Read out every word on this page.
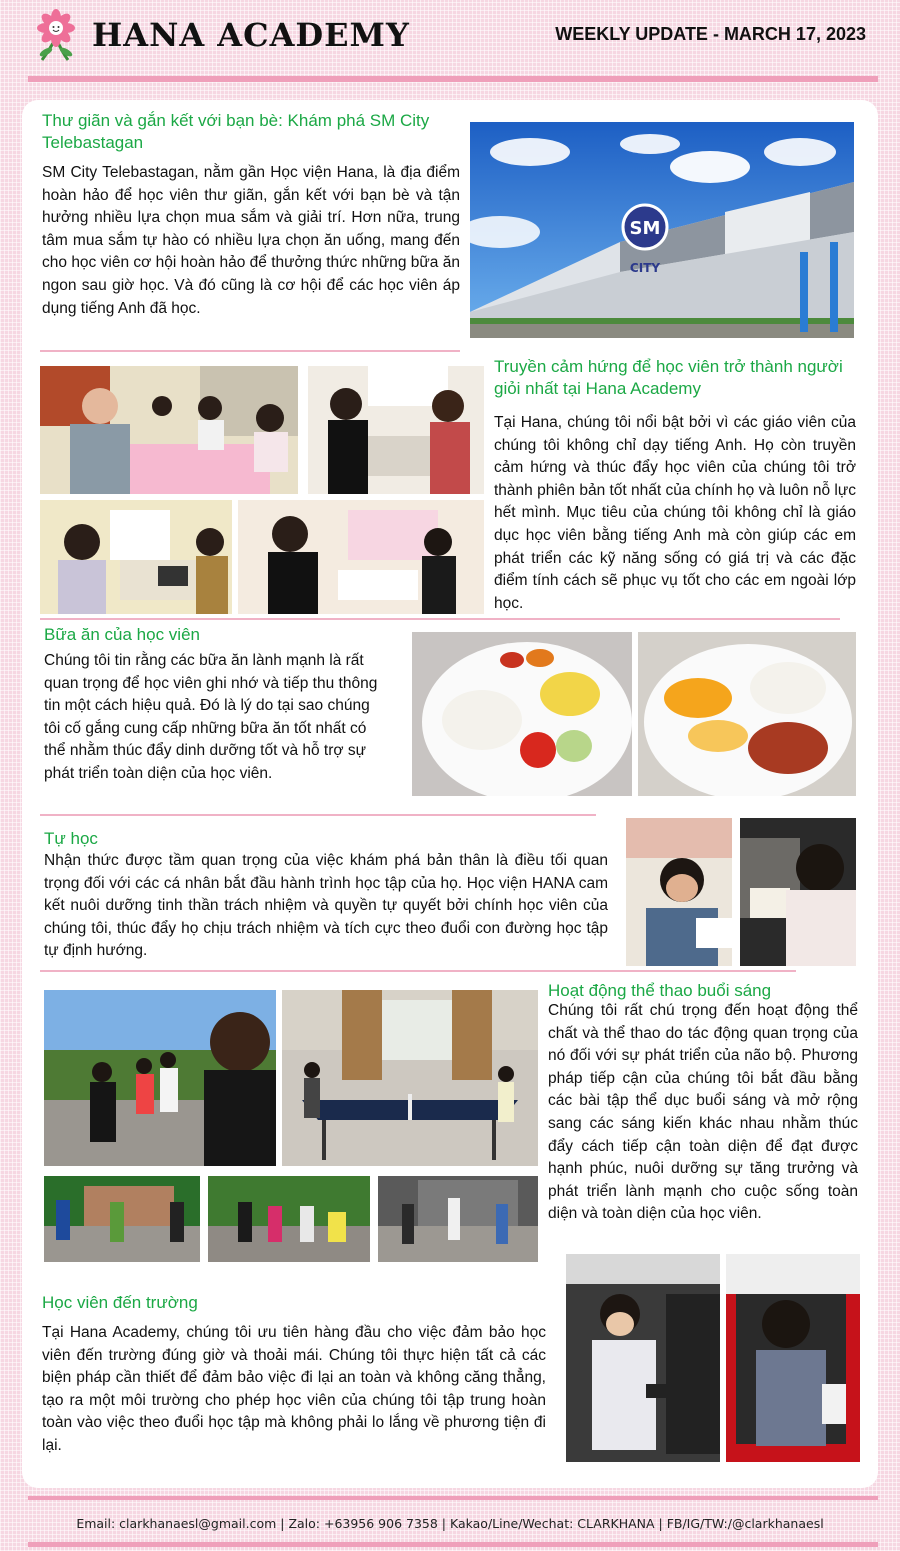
HANA ACADEMY	WEEKLY UPDATE - MARCH 17, 2023
Thư giãn và gắn kết với bạn bè: Khám phá SM City Telebastagan
SM City Telebastagan, nằm gần Học viện Hana, là địa điểm hoàn hảo để học viên thư giãn, gắn kết với bạn bè và tận hưởng nhiều lựa chọn mua sắm và giải trí. Hơn nữa, trung tâm mua sắm tự hào có nhiều lựa chọn ăn uống, mang đến cho học viên cơ hội hoàn hảo để thưởng thức những bữa ăn ngon sau giờ học. Và đó cũng là cơ hội để các học viên áp dụng tiếng Anh đã học.
SM
CITY
Truyền cảm hứng để học viên trở thành người giỏi nhất tại Hana Academy
Tại Hana, chúng tôi nổi bật bởi vì các giáo viên của chúng tôi không chỉ dạy tiếng Anh. Họ còn truyền cảm hứng và thúc đẩy học viên của chúng tôi trở thành phiên bản tốt nhất của chính họ và luôn nỗ lực hết mình. Mục tiêu của chúng tôi không chỉ là giáo dục học viên bằng tiếng Anh mà còn giúp các em phát triển các kỹ năng sống có giá trị và các đặc điểm tính cách sẽ phục vụ tốt cho các em ngoài lớp học.
Bữa ăn của học viên
Chúng tôi tin rằng các bữa ăn lành mạnh là rất quan trọng để học viên ghi nhớ và tiếp thu thông tin một cách hiệu quả. Đó là lý do tại sao chúng tôi cố gắng cung cấp những bữa ăn tốt nhất có thể nhằm thúc đẩy dinh dưỡng tốt và hỗ trợ sự phát triển toàn diện của học viên.
Tự học
Nhận thức được tầm quan trọng của việc khám phá bản thân là điều tối quan trọng đối với các cá nhân bắt đầu hành trình học tập của họ. Học viện HANA cam kết nuôi dưỡng tinh thần trách nhiệm và quyền tự quyết bởi chính học viên của chúng tôi, thúc đẩy họ chịu trách nhiệm và tích cực theo đuổi con đường học tập tự định hướng.
Hoạt động thể thao buổi sáng
Chúng tôi rất chú trọng đến hoạt động thể chất và thể thao do tác động quan trọng của nó đối với sự phát triển của não bộ. Phương pháp tiếp cận của chúng tôi bắt đầu bằng các bài tập thể dục buổi sáng và mở rộng sang các sáng kiến khác nhau nhằm thúc đẩy cách tiếp cận toàn diện để đạt được hạnh phúc, nuôi dưỡng sự tăng trưởng và phát triển lành mạnh cho cuộc sống toàn diện và toàn diện của học viên.
Học viên đến trường
Tại Hana Academy, chúng tôi ưu tiên hàng đầu cho việc đảm bảo học viên đến trường đúng giờ và thoải mái. Chúng tôi thực hiện tất cả các biện pháp cần thiết để đảm bảo việc đi lại an toàn và không căng thẳng, tạo ra một môi trường cho phép học viên của chúng tôi tập trung hoàn toàn vào việc theo đuổi học tập mà không phải lo lắng về phương tiện đi lại.
Email: clarkhanaesl@gmail.com | Zalo: +63956 906 7358 | Kakao/Line/Wechat: CLARKHANA | FB/IG/TW:/@clarkhanaesl
